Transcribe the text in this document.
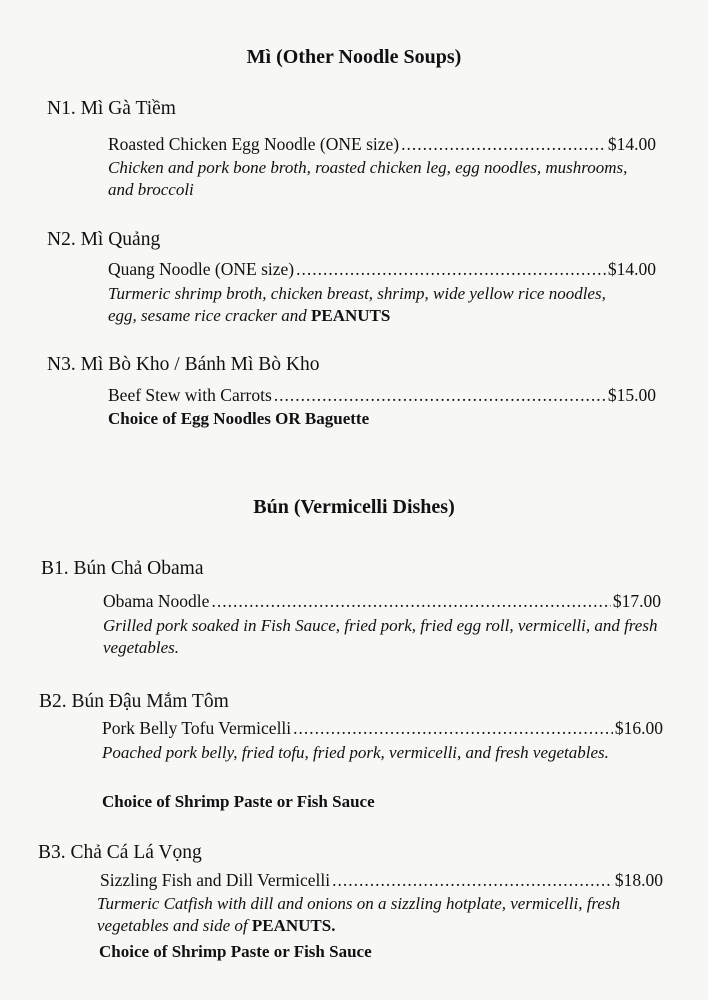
Mì (Other Noodle Soups)
N1. Mì Gà Tiềm
Roasted Chicken Egg Noodle (ONE size) .....	$14.00
Chicken and pork bone broth, roasted chicken leg, egg noodles, mushrooms, and broccoli
N2. Mì Quảng
Quang Noodle (ONE size) .....	$14.00
Turmeric shrimp broth, chicken breast, shrimp, wide yellow rice noodles, egg, sesame rice cracker and PEANUTS
N3. Mì Bò Kho / Bánh Mì Bò Kho
Beef Stew with Carrots .....	$15.00
Choice of Egg Noodles OR Baguette
Bún (Vermicelli Dishes)
B1. Bún Chả Obama
Obama Noodle .....	$17.00
Grilled pork soaked in Fish Sauce, fried pork, fried egg roll, vermicelli, and fresh vegetables.
B2. Bún Đậu Mắm Tôm
Pork Belly Tofu Vermicelli .....	$16.00
Poached pork belly, fried tofu, fried pork, vermicelli, and fresh vegetables.
Choice of Shrimp Paste or Fish Sauce
B3. Chả Cá Lá Vọng
Sizzling Fish and Dill Vermicelli .....	$18.00
Turmeric Catfish with dill and onions on a sizzling hotplate, vermicelli, fresh vegetables and side of PEANUTS.
Choice of Shrimp Paste or Fish Sauce
